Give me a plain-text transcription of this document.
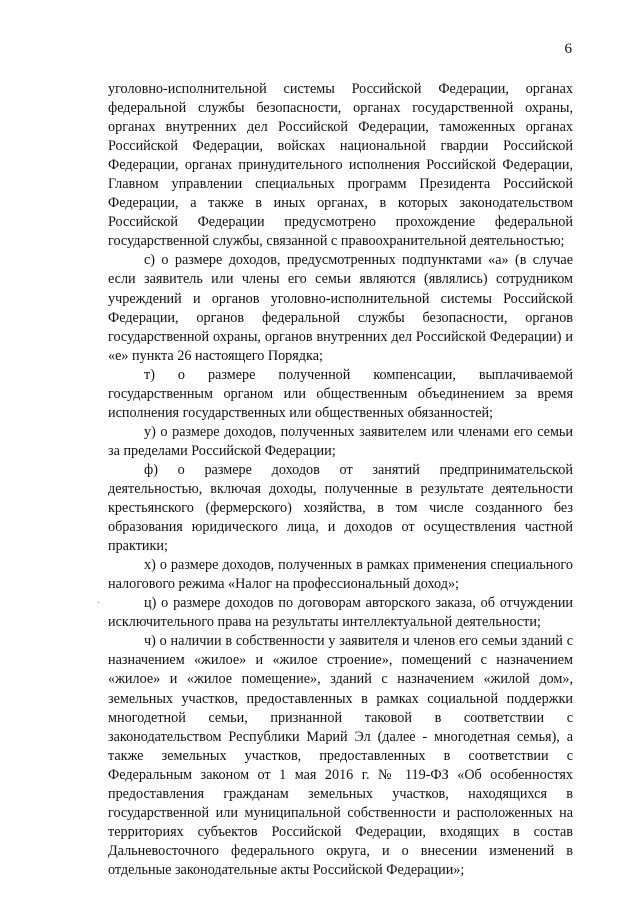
6

уголовно-исполнительной системы Российской Федерации, органах федеральной службы безопасности, органах государственной охраны, органах внутренних дел Российской Федерации, таможенных органах Российской Федерации, войсках национальной гвардии Российской Федерации, органах принудительного исполнения Российской Федерации, Главном управлении специальных программ Президента Российской Федерации, а также в иных органах, в которых законодательством Российской Федерации предусмотрено прохождение федеральной государственной службы, связанной с правоохранительной деятельностью;

с) о размере доходов, предусмотренных подпунктами «а» (в случае если заявитель или члены его семьи являются (являлись) сотрудником учреждений и органов уголовно-исполнительной системы Российской Федерации, органов федеральной службы безопасности, органов государственной охраны, органов внутренних дел Российской Федерации) и «е» пункта 26 настоящего Порядка;

т) о размере полученной компенсации, выплачиваемой государственным органом или общественным объединением за время исполнения государственных или общественных обязанностей;

у) о размере доходов, полученных заявителем или членами его семьи за пределами Российской Федерации;

ф) о размере доходов от занятий предпринимательской деятельностью, включая доходы, полученные в результате деятельности крестьянского (фермерского) хозяйства, в том числе созданного без образования юридического лица, и доходов от осуществления частной практики;

х) о размере доходов, полученных в рамках применения специального налогового режима «Налог на профессиональный доход»;

ц) о размере доходов по договорам авторского заказа, об отчуждении исключительного права на результаты интеллектуальной деятельности;

ч) о наличии в собственности у заявителя и членов его семьи зданий с назначением «жилое» и «жилое строение», помещений с назначением «жилое» и «жилое помещение», зданий с назначением «жилой дом», земельных участков, предоставленных в рамках социальной поддержки многодетной семьи, признанной таковой в соответствии с законодательством Республики Марий Эл (далее - многодетная семья), а также земельных участков, предоставленных в соответствии с Федеральным законом от 1 мая 2016 г. № 119-ФЗ «Об особенностях предоставления гражданам земельных участков, находящихся в государственной или муниципальной собственности и расположенных на территориях субъектов Российской Федерации, входящих в состав Дальневосточного федерального округа, и о внесении изменений в отдельные законодательные акты Российской Федерации»;

·
